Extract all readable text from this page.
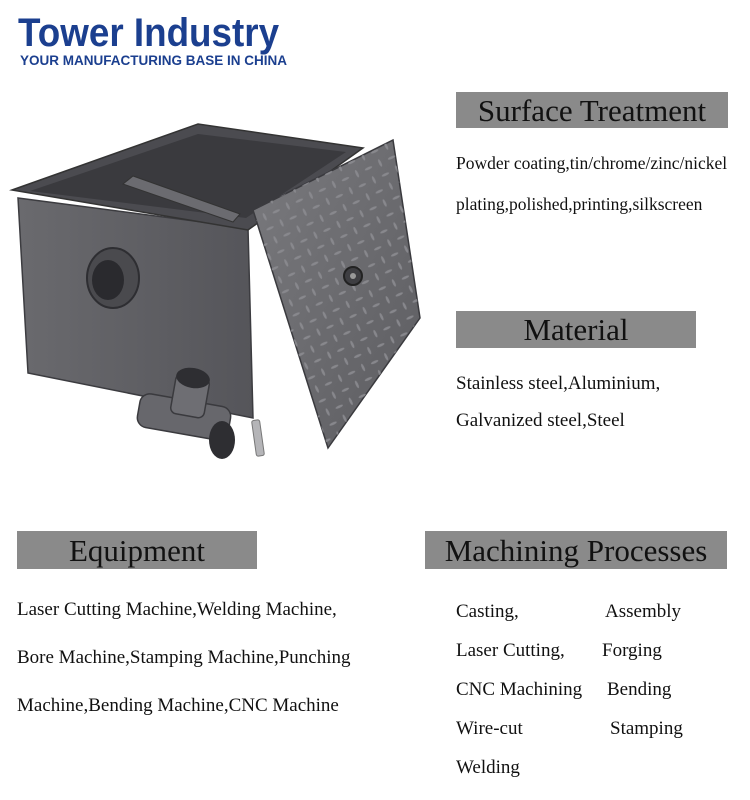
Tower Industry
YOUR MANUFACTURING BASE IN CHINA
Surface Treatment
Powder coating,tin/chrome/zinc/nickel
plating,polished,printing,silkscreen
Material
Stainless steel,Aluminium,
Galvanized steel,Steel
Equipment
Laser Cutting Machine,Welding Machine,
Bore Machine,Stamping Machine,Punching
Machine,Bending Machine,CNC Machine
Machining Processes
Casting,	Assembly
Laser Cutting, Forging
CNC Machining Bending
Wire-cut	Stamping
Welding
